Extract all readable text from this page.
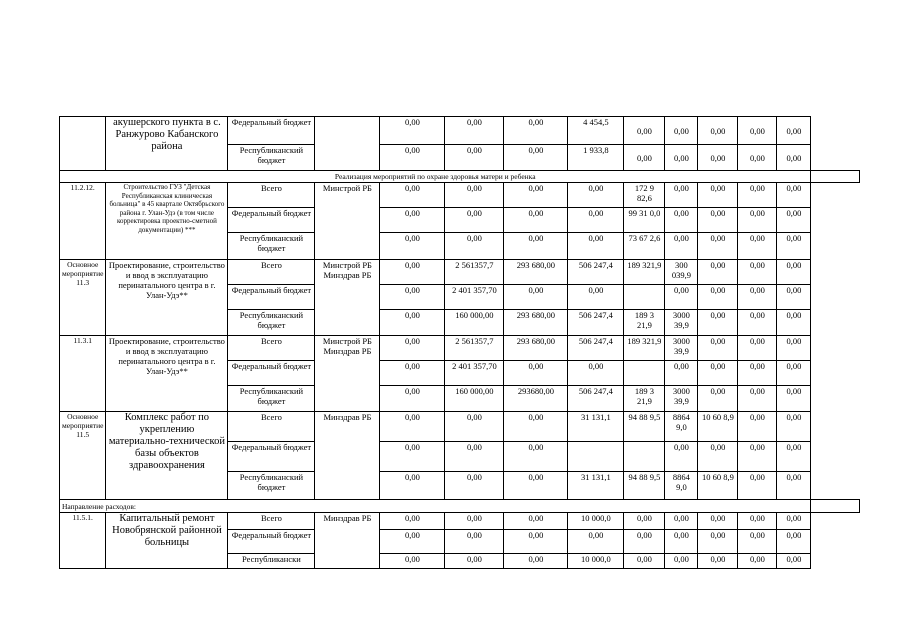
	акушерского пункта в с. Ранжурово Кабанского района	Федеральный бюджет		0,00	0,00	0,00	4 454,5	0,00	0,00	0,00	0,00	0,00	
		Республиканский бюджет		0,00	0,00	0,00	1 933,8	0,00	0,00	0,00	0,00	0,00	
Реализация мероприятий по охране здоровья матери и ребенка													
11.2.12.	Строительство ГУЗ "Детская Республиканская клиническая больница" в 45 квартале Октябрьского района г. Улан-Удэ (в том числе корректировка проектно-сметной документации) ***	Всего	Минстрой РБ	0,00	0,00	0,00	0,00	172 9 82,6	0,00	0,00	0,00	0,00	
		Федеральный бюджет		0,00	0,00	0,00	0,00	99 31 0,0	0,00	0,00	0,00	0,00	
		Республиканский бюджет		0,00	0,00	0,00	0,00	73 67 2,6	0,00	0,00	0,00	0,00	
Основное мероприятие 11.3	Проектирование, строительство и ввод в эксплуатацию перинатального центра в г. Улан-Удэ**	Всего	Минстрой РБ Минздрав РБ	0,00	2 561357,7	293 680,00	506 247,4	189 321,9	300 039,9	0,00	0,00	0,00	
		Федеральный бюджет		0,00	2 401 357,70	0,00	0,00		0,00	0,00	0,00	0,00	
		Республиканский бюджет		0,00	160 000,00	293 680,00	506 247,4	189 3 21,9	3000 39,9	0,00	0,00	0,00	
11.3.1	Проектирование, строительство и ввод в эксплуатацию перинатального центра в г. Улан-Удэ**	Всего	Минстрой РБ Минздрав РБ	0,00	2 561357,7	293 680,00	506 247,4	189 321,9	3000 39,9	0,00	0,00	0,00	
		Федеральный бюджет		0,00	2 401 357,70	0,00	0,00		0,00	0,00	0,00	0,00	
		Республиканский бюджет		0,00	160 000,00	293680,00	506 247,4	189 3 21,9	3000 39,9	0,00	0,00	0,00	
Основное мероприятие 11.5	Комплекс работ по укреплению материально-технической базы объектов здравоохранения	Всего	Минздрав РБ	0,00	0,00	0,00	31 131,1	94 88 9,5	8864 9,0	10 60 8,9	0,00	0,00	
		Федеральный бюджет		0,00	0,00	0,00			0,00	0,00	0,00	0,00	
		Республиканский бюджет		0,00	0,00	0,00	31 131,1	94 88 9,5	8864 9,0	10 60 8,9	0,00	0,00	
Направление расходов:													
11.5.1.	Капитальный ремонт Новобрянской районной больницы	Всего	Минздрав РБ	0,00	0,00	0,00	10 000,0	0,00	0,00	0,00	0,00	0,00	
		Федеральный бюджет		0,00	0,00	0,00	0,00	0,00	0,00	0,00	0,00	0,00	
		Республикански		0,00	0,00	0,00	10 000,0	0,00	0,00	0,00	0,00	0,00	
